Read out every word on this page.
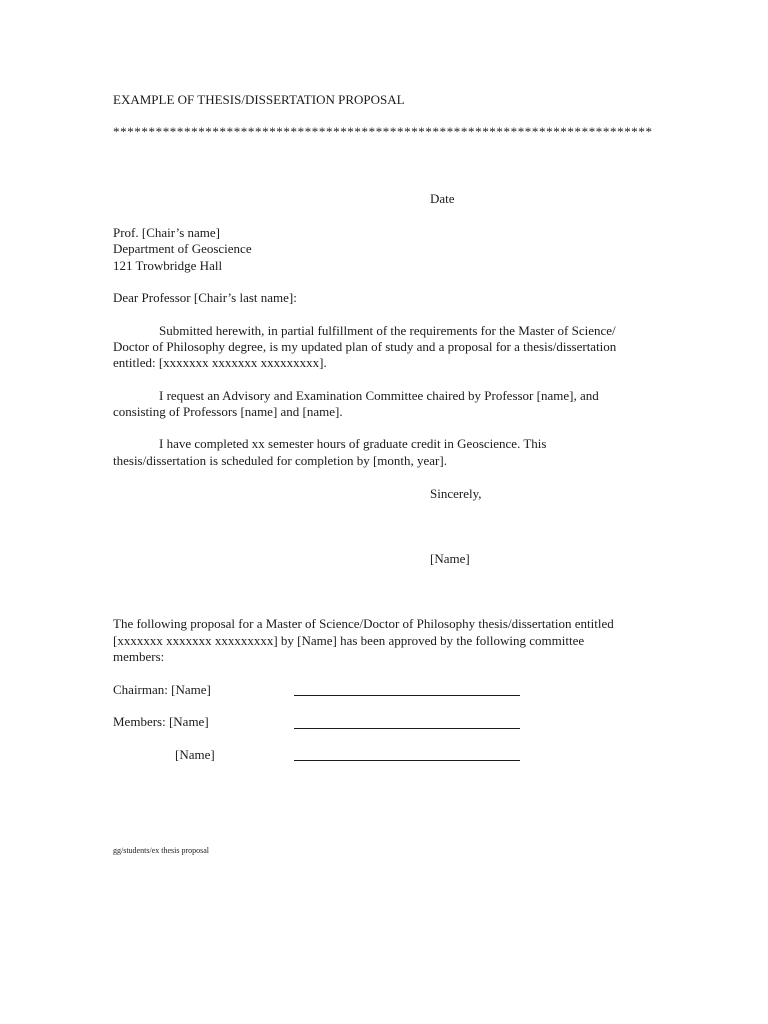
EXAMPLE OF THESIS/DISSERTATION PROPOSAL
****************************************************************************
Date
Prof. [Chair’s name]
Department of Geoscience
121 Trowbridge Hall
Dear Professor [Chair’s last name]:
Submitted herewith, in partial fulfillment of the requirements for the Master of Science/
Doctor of Philosophy degree, is my updated plan of study and a proposal for a thesis/dissertation
entitled: [xxxxxxx xxxxxxx xxxxxxxxx].
I request an Advisory and Examination Committee chaired by Professor [name], and
consisting of Professors [name] and [name].
I have completed xx semester hours of graduate credit in Geoscience. This
thesis/dissertation is scheduled for completion by [month, year].
Sincerely,
[Name]
The following proposal for a Master of Science/Doctor of Philosophy thesis/dissertation entitled
[xxxxxxx xxxxxxx xxxxxxxxx] by [Name] has been approved by the following committee
members:
Chairman: [Name]
Members: [Name]
[Name]
gg/students/ex thesis proposal
